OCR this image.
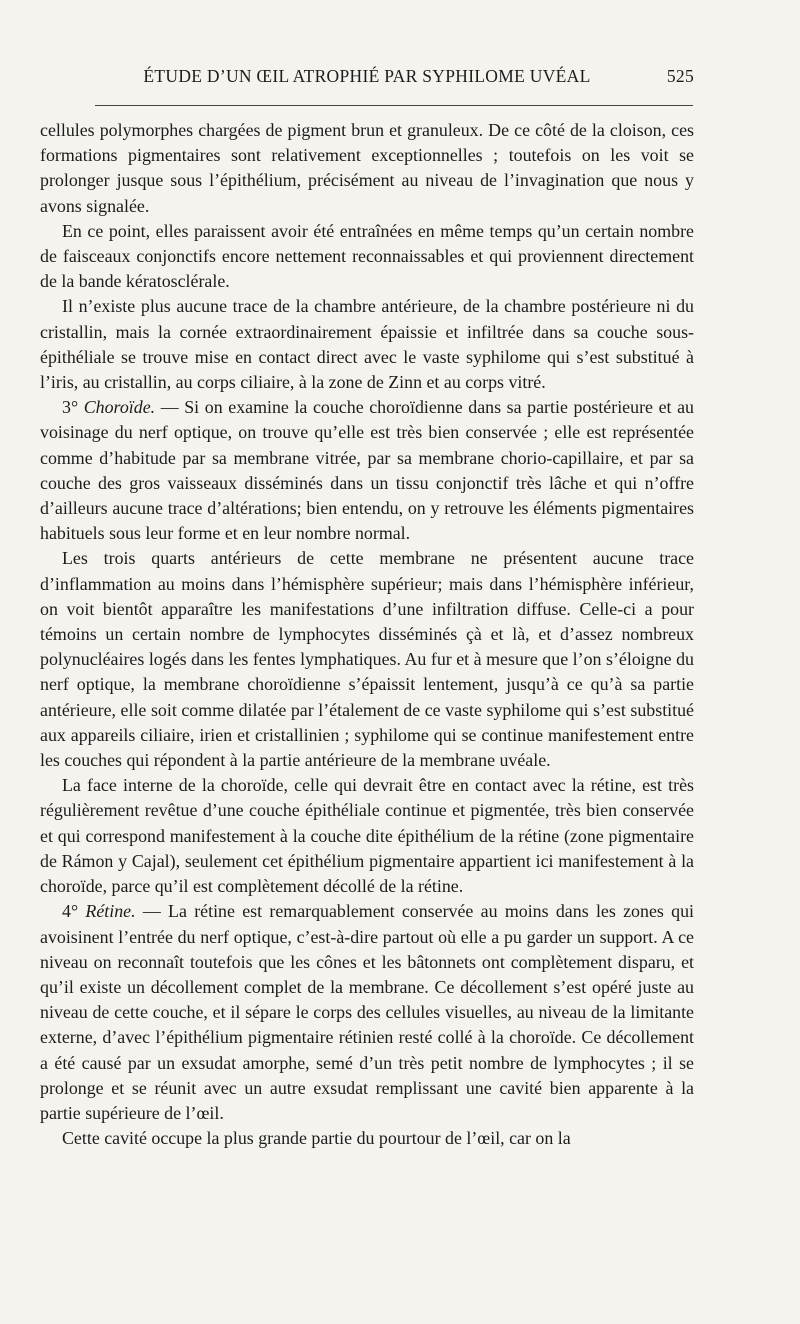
ÉTUDE D’UN ŒIL ATROPHIÉ PAR SYPHILOME UVÉAL	525

cellules polymorphes chargées de pigment brun et granuleux. De ce côté de la cloison, ces formations pigmentaires sont relativement exceptionnelles ; toutefois on les voit se prolonger jusque sous l’épithélium, précisément au niveau de l’invagination que nous y avons signalée.

En ce point, elles paraissent avoir été entraînées en même temps qu’un certain nombre de faisceaux conjonctifs encore nettement reconnaissables et qui proviennent directement de la bande kératosclérale.

Il n’existe plus aucune trace de la chambre antérieure, de la chambre postérieure ni du cristallin, mais la cornée extraordinairement épaissie et infiltrée dans sa couche sous-épithéliale se trouve mise en contact direct avec le vaste syphilome qui s’est substitué à l’iris, au cristallin, au corps ciliaire, à la zone de Zinn et au corps vitré.

3° Choroïde. — Si on examine la couche choroïdienne dans sa partie postérieure et au voisinage du nerf optique, on trouve qu’elle est très bien conservée ; elle est représentée comme d’habitude par sa membrane vitrée, par sa membrane chorio-capillaire, et par sa couche des gros vaisseaux disséminés dans un tissu conjonctif très lâche et qui n’offre d’ailleurs aucune trace d’altérations; bien entendu, on y retrouve les éléments pigmentaires habituels sous leur forme et en leur nombre normal.

Les trois quarts antérieurs de cette membrane ne présentent aucune trace d’inflammation au moins dans l’hémisphère supérieur; mais dans l’hémisphère inférieur, on voit bientôt apparaître les manifestations d’une infiltration diffuse. Celle-ci a pour témoins un certain nombre de lymphocytes disséminés çà et là, et d’assez nombreux polynucléaires logés dans les fentes lymphatiques. Au fur et à mesure que l’on s’éloigne du nerf optique, la membrane choroïdienne s’épaissit lentement, jusqu’à ce qu’à sa partie antérieure, elle soit comme dilatée par l’étalement de ce vaste syphilome qui s’est substitué aux appareils ciliaire, irien et cristallinien ; syphilome qui se continue manifestement entre les couches qui répondent à la partie antérieure de la membrane uvéale.

La face interne de la choroïde, celle qui devrait être en contact avec la rétine, est très régulièrement revêtue d’une couche épithéliale continue et pigmentée, très bien conservée et qui correspond manifestement à la couche dite épithélium de la rétine (zone pigmentaire de Rámon y Cajal), seulement cet épithélium pigmentaire appartient ici manifestement à la choroïde, parce qu’il est complètement décollé de la rétine.

4° Rétine. — La rétine est remarquablement conservée au moins dans les zones qui avoisinent l’entrée du nerf optique, c’est-à-dire partout où elle a pu garder un support. A ce niveau on reconnaît toutefois que les cônes et les bâtonnets ont complètement disparu, et qu’il existe un décollement complet de la membrane. Ce décollement s’est opéré juste au niveau de cette couche, et il sépare le corps des cellules visuelles, au niveau de la limitante externe, d’avec l’épithélium pigmentaire rétinien resté collé à la choroïde. Ce décollement a été causé par un exsudat amorphe, semé d’un très petit nombre de lymphocytes ; il se prolonge et se réunit avec un autre exsudat remplissant une cavité bien apparente à la partie supérieure de l’œil.

Cette cavité occupe la plus grande partie du pourtour de l’œil, car on la
